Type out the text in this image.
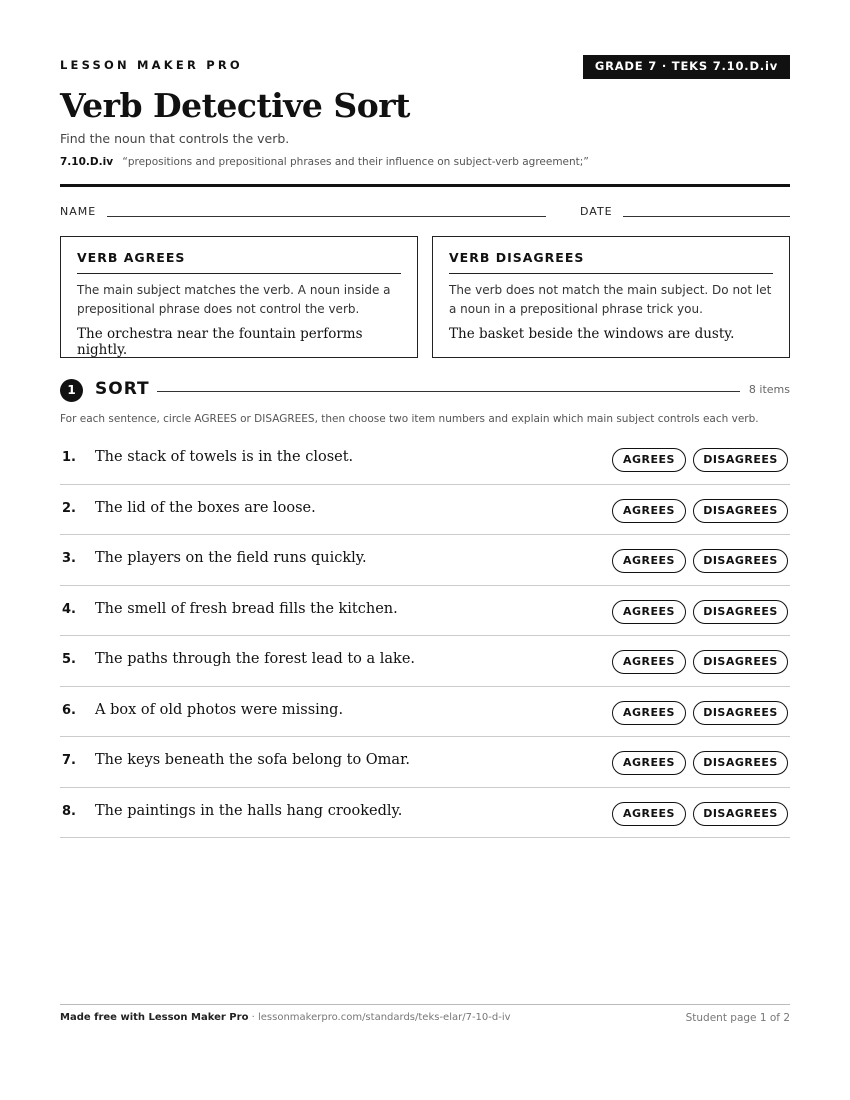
LESSON MAKER PRO	GRADE 7 · TEKS 7.10.D.iv
Verb Detective Sort
Find the noun that controls the verb.
7.10.D.iv “prepositions and prepositional phrases and their influence on subject-verb agreement;”
NAME	DATE
VERB AGREES
The main subject matches the verb. A noun inside a prepositional phrase does not control the verb.
The orchestra near the fountain performs nightly.
VERB DISAGREES
The verb does not match the main subject. Do not let a noun in a prepositional phrase trick you.
The basket beside the windows are dusty.
1	SORT	8 items
For each sentence, circle AGREES or DISAGREES, then choose two item numbers and explain which main subject controls each verb.
1. The stack of towels is in the closet.	AGREES	DISAGREES
2. The lid of the boxes are loose.	AGREES	DISAGREES
3. The players on the field runs quickly.	AGREES	DISAGREES
4. The smell of fresh bread fills the kitchen.	AGREES	DISAGREES
5. The paths through the forest lead to a lake.	AGREES	DISAGREES
6. A box of old photos were missing.	AGREES	DISAGREES
7. The keys beneath the sofa belong to Omar.	AGREES	DISAGREES
8. The paintings in the halls hang crookedly.	AGREES	DISAGREES
Made free with Lesson Maker Pro · lessonmakerpro.com/standards/teks-elar/7-10-d-iv	Student page 1 of 2
